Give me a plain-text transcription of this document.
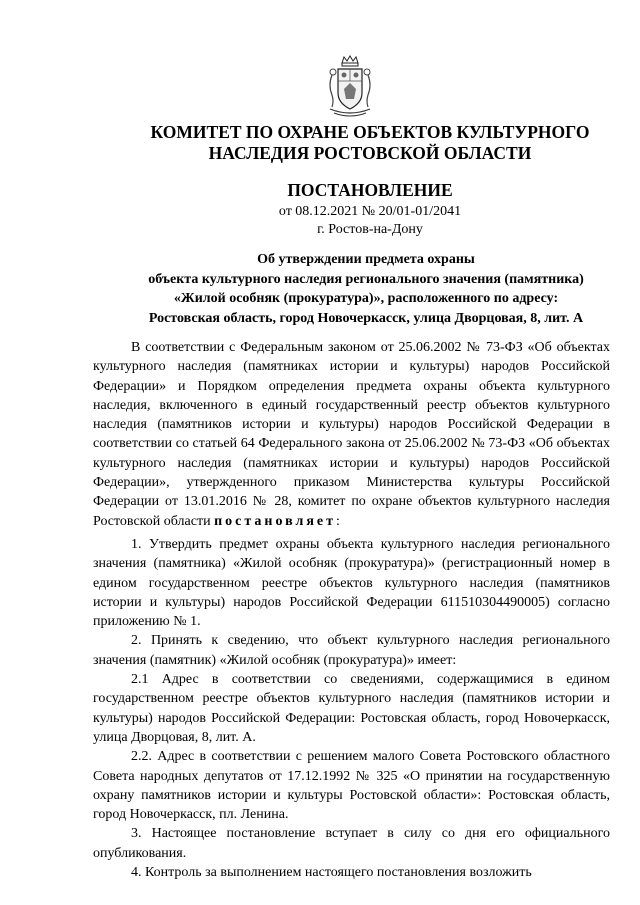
КОМИТЕТ ПО ОХРАНЕ ОБЪЕКТОВ КУЛЬТУРНОГО
НАСЛЕДИЯ РОСТОВСКОЙ ОБЛАСТИ
ПОСТАНОВЛЕНИЕ
от 08.12.2021 № 20/01-01/2041
г. Ростов-на-Дону
Об утверждении предмета охраны
объекта культурного наследия регионального значения (памятника)
«Жилой особняк (прокуратура)», расположенного по адресу:
Ростовская область, город Новочеркасск, улица Дворцовая, 8, лит. А

В соответствии с Федеральным законом от 25.06.2002 № 73-ФЗ «Об объектах культурного наследия (памятниках истории и культуры) народов Российской Федерации» и Порядком определения предмета охраны объекта культурного наследия, включенного в единый государственный реестр объектов культурного наследия (памятников истории и культуры) народов Российской Федерации в соответствии со статьей 64 Федерального закона от 25.06.2002 № 73-ФЗ «Об объектах культурного наследия (памятниках истории и культуры) народов Российской Федерации», утвержденного приказом Министерства культуры Российской Федерации от 13.01.2016 № 28, комитет по охране объектов культурного наследия Ростовской области постановляет:

1. Утвердить предмет охраны объекта культурного наследия регионального значения (памятника) «Жилой особняк (прокуратура)» (регистрационный номер в едином государственном реестре объектов культурного наследия (памятников истории и культуры) народов Российской Федерации 611510304490005) согласно приложению № 1.

2. Принять к сведению, что объект культурного наследия регионального значения (памятник) «Жилой особняк (прокуратура)» имеет:

2.1 Адрес в соответствии со сведениями, содержащимися в едином государственном реестре объектов культурного наследия (памятников истории и культуры) народов Российской Федерации: Ростовская область, город Новочеркасск, улица Дворцовая, 8, лит. А.

2.2. Адрес в соответствии с решением малого Совета Ростовского областного Совета народных депутатов от 17.12.1992 № 325 «О принятии на государственную охрану памятников истории и культуры Ростовской области»: Ростовская область, город Новочеркасск, пл. Ленина.

3. Настоящее постановление вступает в силу со дня его официального опубликования.

4. Контроль за выполнением настоящего постановления возложить
